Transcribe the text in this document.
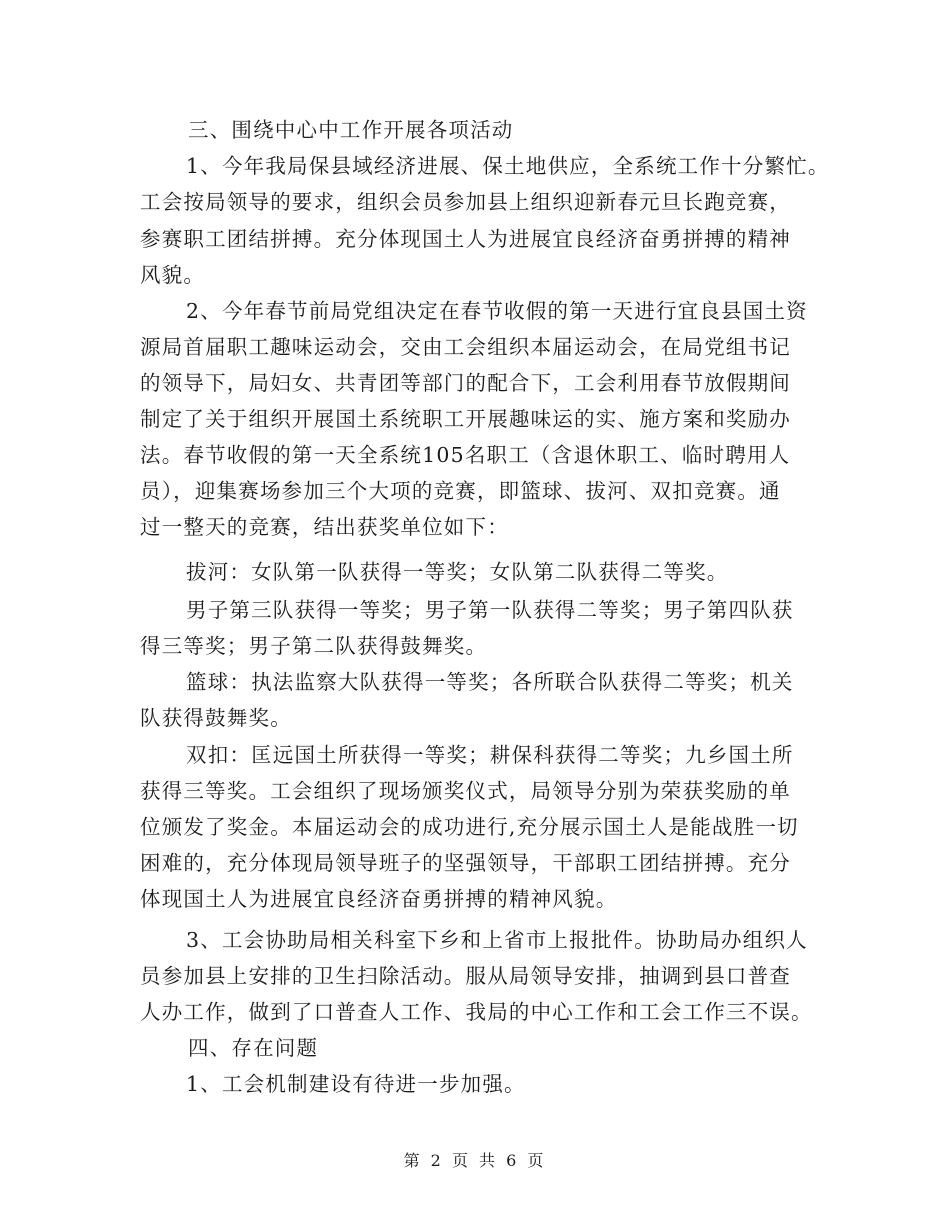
三、围绕中心中工作开展各项活动
1、今年我局保县域经济进展、保土地供应，全系统工作十分繁忙。
工会按局领导的要求，组织会员参加县上组织迎新春元旦长跑竞赛，
参赛职工团结拼搏。充分体现国土人为进展宜良经济奋勇拼搏的精神
风貌。
2、今年春节前局党组决定在春节收假的第一天进行宜良县国土资
源局首届职工趣味运动会，交由工会组织本届运动会，在局党组书记
的领导下，局妇女、共青团等部门的配合下，工会利用春节放假期间
制定了关于组织开展国土系统职工开展趣味运的实、施方案和奖励办
法。春节收假的第一天全系统105名职工（含退休职工、临时聘用人
员），迎集赛场参加三个大项的竞赛，即篮球、拔河、双扣竞赛。通
过一整天的竞赛，结出获奖单位如下：
拔河：女队第一队获得一等奖；女队第二队获得二等奖。
男子第三队获得一等奖；男子第一队获得二等奖；男子第四队获
得三等奖；男子第二队获得鼓舞奖。
篮球：执法监察大队获得一等奖；各所联合队获得二等奖；机关
队获得鼓舞奖。
双扣：匡远国土所获得一等奖；耕保科获得二等奖；九乡国土所
获得三等奖。工会组织了现场颁奖仪式，局领导分别为荣获奖励的单
位颁发了奖金。本届运动会的成功进行,充分展示国土人是能战胜一切
困难的，充分体现局领导班子的坚强领导，干部职工团结拼搏。充分
体现国土人为进展宜良经济奋勇拼搏的精神风貌。
3、工会协助局相关科室下乡和上省市上报批件。协助局办组织人
员参加县上安排的卫生扫除活动。服从局领导安排，抽调到县口普查
人办工作，做到了口普查人工作、我局的中心工作和工会工作三不误。
四、存在问题
1、工会机制建设有待进一步加强。
第 2 页 共 6 页
